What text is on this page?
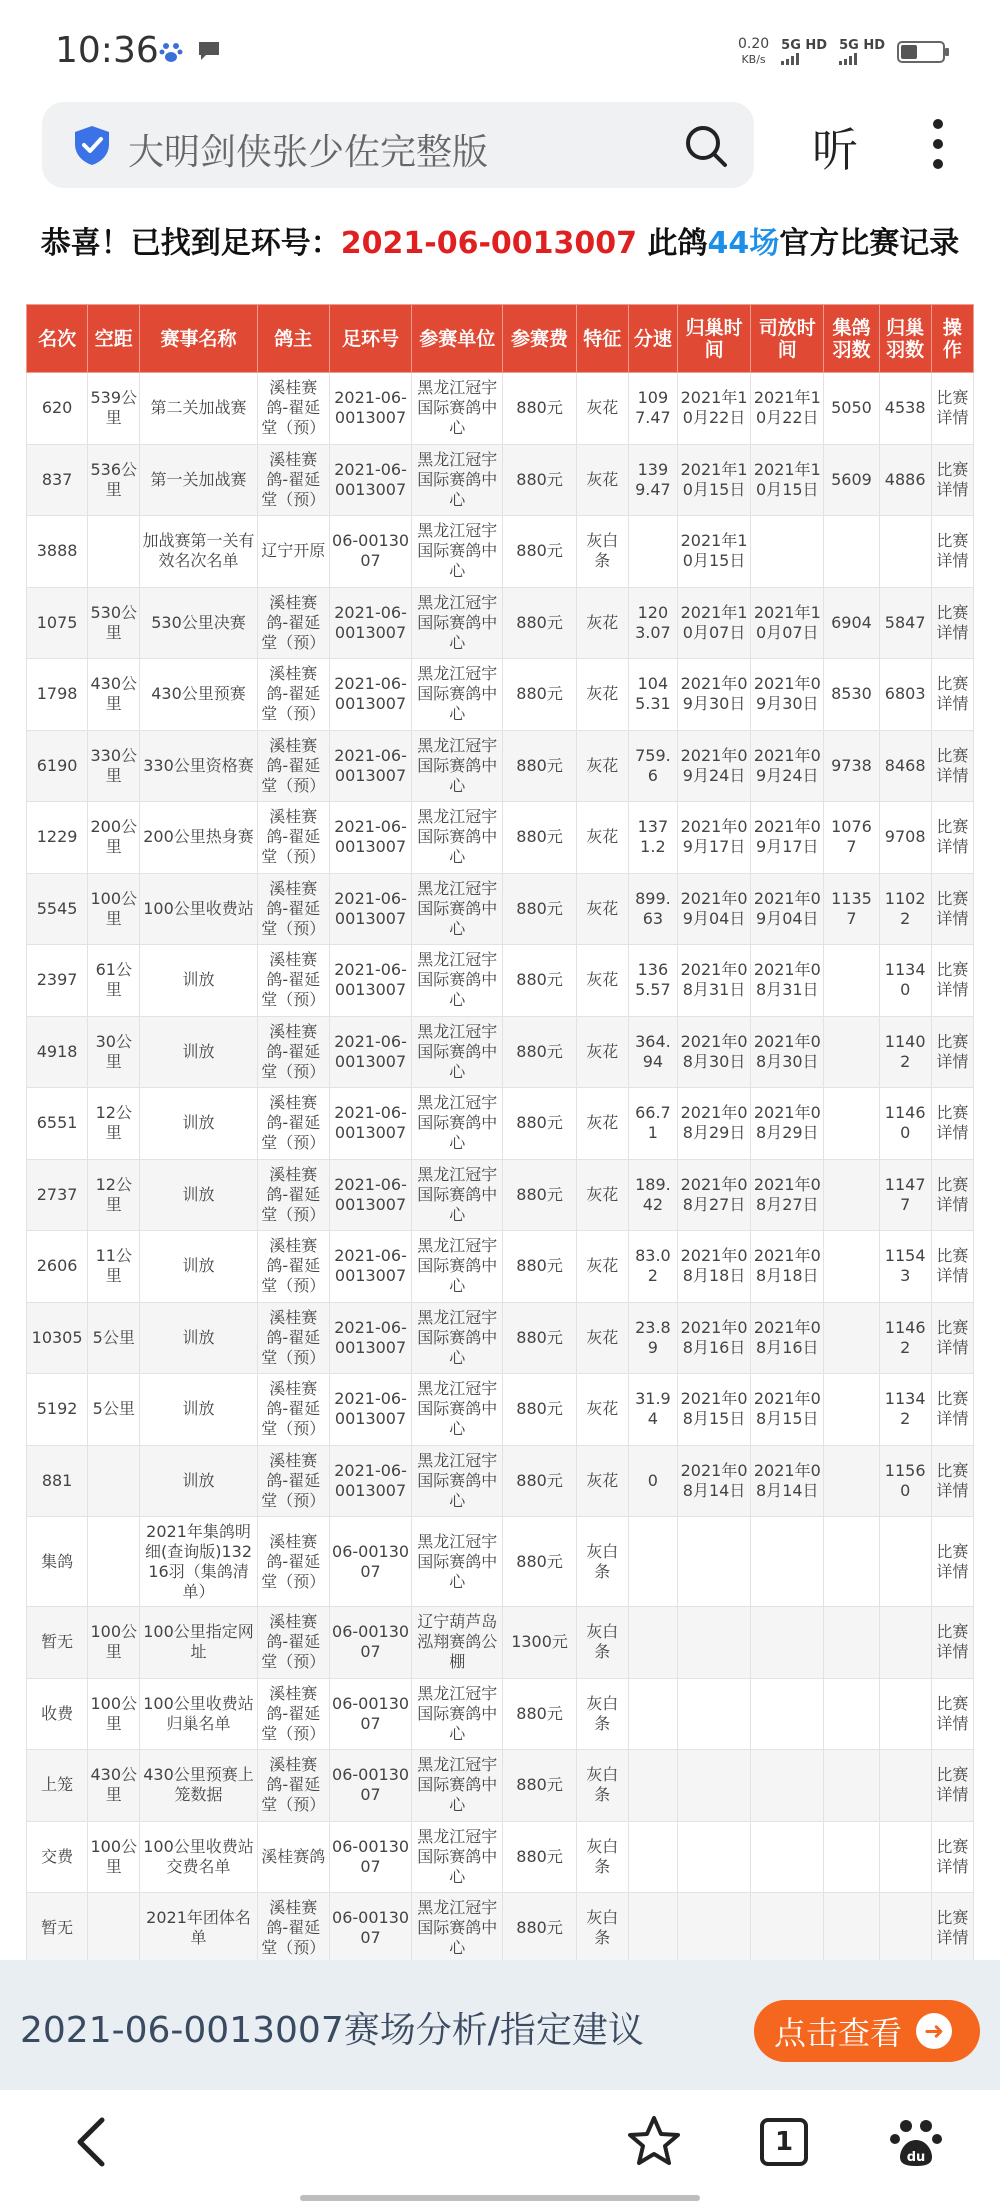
10:36	0.20
KB/s
5G HD 5G HD
大明剑侠张少佐完整版	听
恭喜！已找到足环号：2021-06-0013007 此鸽44场官方比赛记录
名次	空距	赛事名称	鸽主	足环号	参赛单位	参赛费	特征	分速	归巢时间	司放时间	集鸽羽数	归巢羽数	操作
620	539公里	第二关加战赛	溪桂赛鸽-翟延堂（预）	2021-06-0013007	黑龙江冠宇国际赛鸽中心	880元	灰花	1097.47	2021年10月22日	2021年10月22日	5050	4538	比赛详情
837	536公里	第一关加战赛	溪桂赛鸽-翟延堂（预）	2021-06-0013007	黑龙江冠宇国际赛鸽中心	880元	灰花	1399.47	2021年10月15日	2021年10月15日	5609	4886	比赛详情
3888		加战赛第一关有效名次名单	辽宁开原	06-0013007	黑龙江冠宇国际赛鸽中心	880元	灰白条		2021年10月15日				比赛详情
1075	530公里	530公里决赛	溪桂赛鸽-翟延堂（预）	2021-06-0013007	黑龙江冠宇国际赛鸽中心	880元	灰花	1203.07	2021年10月07日	2021年10月07日	6904	5847	比赛详情
1798	430公里	430公里预赛	溪桂赛鸽-翟延堂（预）	2021-06-0013007	黑龙江冠宇国际赛鸽中心	880元	灰花	1045.31	2021年09月30日	2021年09月30日	8530	6803	比赛详情
6190	330公里	330公里资格赛	溪桂赛鸽-翟延堂（预）	2021-06-0013007	黑龙江冠宇国际赛鸽中心	880元	灰花	759.6	2021年09月24日	2021年09月24日	9738	8468	比赛详情
1229	200公里	200公里热身赛	溪桂赛鸽-翟延堂（预）	2021-06-0013007	黑龙江冠宇国际赛鸽中心	880元	灰花	1371.2	2021年09月17日	2021年09月17日	10767	9708	比赛详情
5545	100公里	100公里收费站	溪桂赛鸽-翟延堂（预）	2021-06-0013007	黑龙江冠宇国际赛鸽中心	880元	灰花	899.63	2021年09月04日	2021年09月04日	11357	11022	比赛详情
2397	61公里	训放	溪桂赛鸽-翟延堂（预）	2021-06-0013007	黑龙江冠宇国际赛鸽中心	880元	灰花	1365.57	2021年08月31日	2021年08月31日		11340	比赛详情
4918	30公里	训放	溪桂赛鸽-翟延堂（预）	2021-06-0013007	黑龙江冠宇国际赛鸽中心	880元	灰花	364.94	2021年08月30日	2021年08月30日		11402	比赛详情
6551	12公里	训放	溪桂赛鸽-翟延堂（预）	2021-06-0013007	黑龙江冠宇国际赛鸽中心	880元	灰花	66.71	2021年08月29日	2021年08月29日		11460	比赛详情
2737	12公里	训放	溪桂赛鸽-翟延堂（预）	2021-06-0013007	黑龙江冠宇国际赛鸽中心	880元	灰花	189.42	2021年08月27日	2021年08月27日		11477	比赛详情
2606	11公里	训放	溪桂赛鸽-翟延堂（预）	2021-06-0013007	黑龙江冠宇国际赛鸽中心	880元	灰花	83.02	2021年08月18日	2021年08月18日		11543	比赛详情
10305	5公里	训放	溪桂赛鸽-翟延堂（预）	2021-06-0013007	黑龙江冠宇国际赛鸽中心	880元	灰花	23.89	2021年08月16日	2021年08月16日		11462	比赛详情
5192	5公里	训放	溪桂赛鸽-翟延堂（预）	2021-06-0013007	黑龙江冠宇国际赛鸽中心	880元	灰花	31.94	2021年08月15日	2021年08月15日		11342	比赛详情
881		训放	溪桂赛鸽-翟延堂（预）	2021-06-0013007	黑龙江冠宇国际赛鸽中心	880元	灰花	0	2021年08月14日	2021年08月14日		11560	比赛详情
集鸽		2021年集鸽明细(查询版)13216羽（集鸽清单）	溪桂赛鸽-翟延堂（预）	06-0013007	黑龙江冠宇国际赛鸽中心	880元	灰白条						比赛详情
暂无	100公里	100公里指定网址	溪桂赛鸽-翟延堂（预）	06-0013007	辽宁葫芦岛泓翔赛鸽公棚	1300元	灰白条						比赛详情
收费	100公里	100公里收费站归巢名单	溪桂赛鸽-翟延堂（预）	06-0013007	黑龙江冠宇国际赛鸽中心	880元	灰白条						比赛详情
上笼	430公里	430公里预赛上笼数据	溪桂赛鸽-翟延堂（预）	06-0013007	黑龙江冠宇国际赛鸽中心	880元	灰白条						比赛详情
交费	100公里	100公里收费站交费名单	溪桂赛鸽	06-0013007	黑龙江冠宇国际赛鸽中心	880元	灰白条						比赛详情
暂无		2021年团体名单	溪桂赛鸽-翟延堂（预）	06-0013007	黑龙江冠宇国际赛鸽中心	880元	灰白条						比赛详情
2021-06-0013007赛场分析/指定建议	点击查看 ➜
1
du
